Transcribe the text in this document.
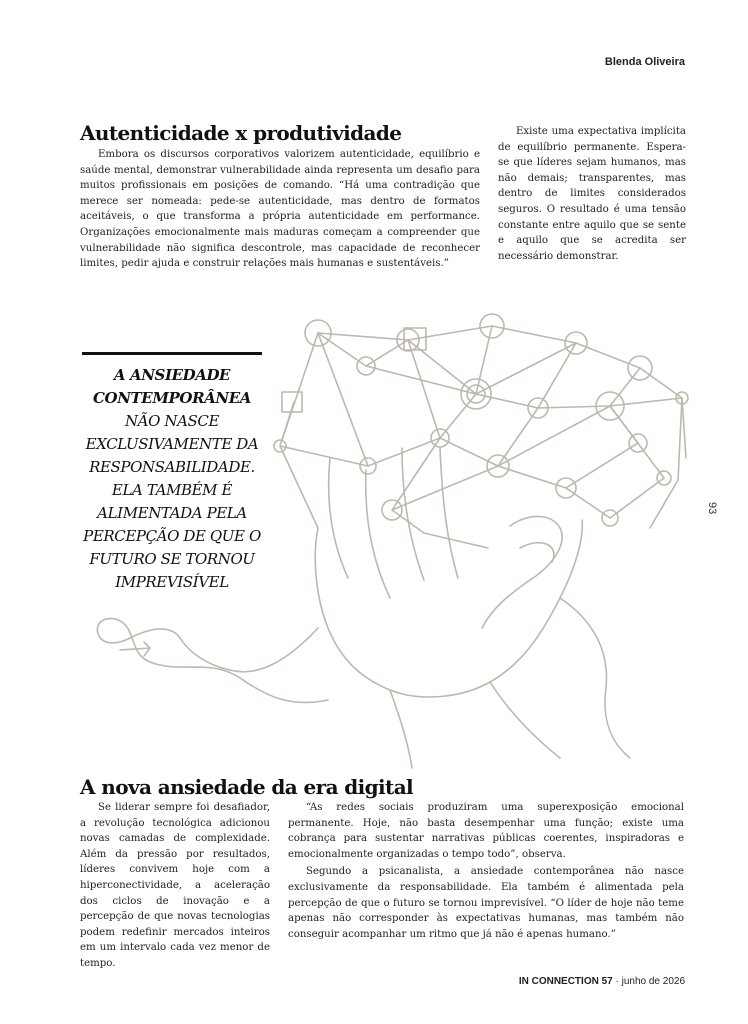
Blenda Oliveira
Autenticidade x produtividade

Embora os discursos corporativos valorizem autenticidade, equilíbrio e saúde mental, demonstrar vulnerabilidade ainda representa um desafio para muitos profissionais em posições de comando. “Há uma contradição que merece ser nomeada: pede-se autenticidade, mas dentro de formatos aceitáveis, o que transforma a própria autenticidade em performance. Organizações emocionalmente mais maduras começam a compreender que vulnerabilidade não significa descontrole, mas capacidade de reconhecer limites, pedir ajuda e construir relações mais humanas e sustentáveis.”

Existe uma expectativa implícita de equilíbrio permanente. Espera-se que líderes sejam humanos, mas não demais; transparentes, mas dentro de limites considerados seguros. O resultado é uma tensão constante entre aquilo que se sente e aquilo que se acredita ser necessário demonstrar.

A ANSIEDADE CONTEMPORÂNEA NÃO NASCE EXCLUSIVAMENTE DA RESPONSABILIDADE. ELA TAMBÉM É ALIMENTADA PELA PERCEPÇÃO DE QUE O FUTURO SE TORNOU IMPREVISÍVEL
93
A nova ansiedade da era digital

Se liderar sempre foi desafiador, a revolução tecnológica adicionou novas camadas de complexidade. Além da pressão por resultados, líderes convivem hoje com a hiperconectividade, a aceleração dos ciclos de inovação e a percepção de que novas tecnologias podem redefinir mercados inteiros em um intervalo cada vez menor de tempo.

“As redes sociais produziram uma superexposição emocional permanente. Hoje, não basta desempenhar uma função; existe uma cobrança para sustentar narrativas públicas coerentes, inspiradoras e emocionalmente organizadas o tempo todo”, observa.

Segundo a psicanalista, a ansiedade contemporânea não nasce exclusivamente da responsabilidade. Ela também é alimentada pela percepção de que o futuro se tornou imprevisível. “O líder de hoje não teme apenas não corresponder às expectativas humanas, mas também não conseguir acompanhar um ritmo que já não é apenas humano.”

IN CONNECTION 57 · junho de 2026
